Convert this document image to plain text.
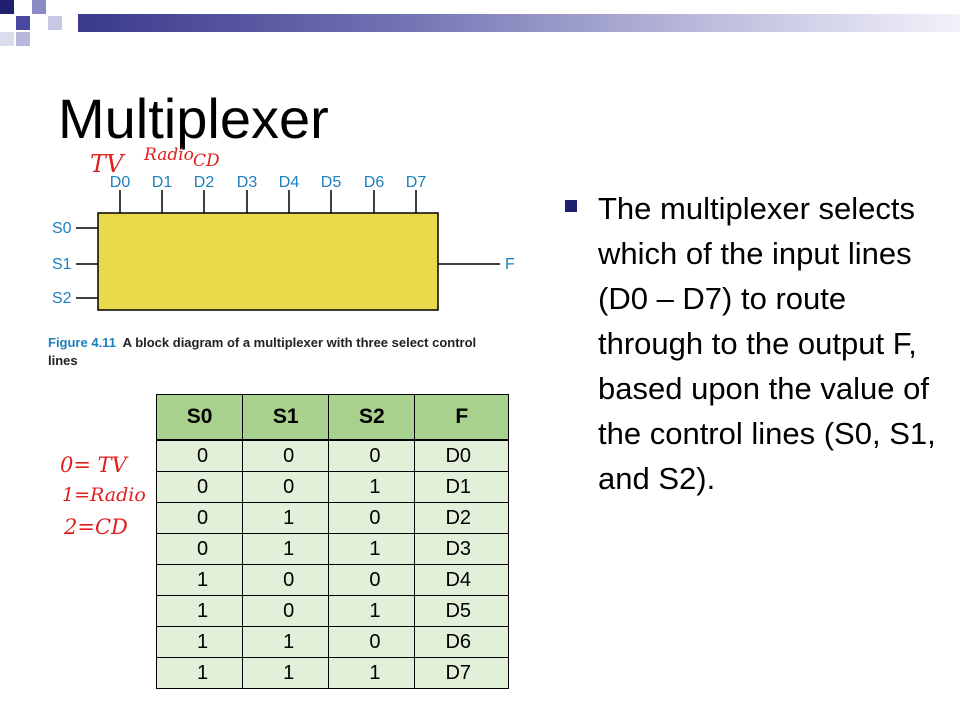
Multiplexer
D0 D1 D2 D3 D4 D5 D6 D7
S0
S1
S2
F
TV Radio CD
Figure 4.11 A block diagram of a multiplexer with three select control lines
0= TV
1=Radio
2=CD
S0	S1	S2	F
0	0	0	D0
0	0	1	D1
0	1	0	D2
0	1	1	D3
1	0	0	D4
1	0	1	D5
1	1	0	D6
1	1	1	D7

The multiplexer selects which of the input lines (D0 – D7) to route through to the output F, based upon the value of the control lines (S0, S1, and S2).
